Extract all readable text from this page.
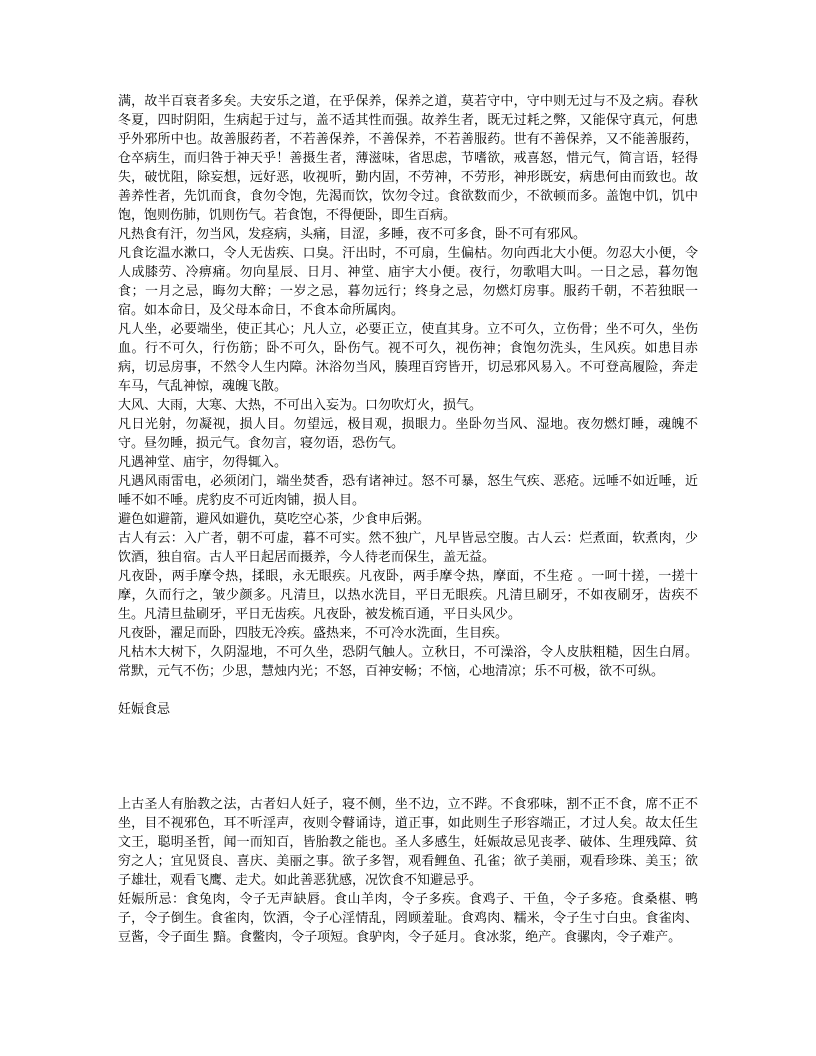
满，故半百衰者多矣。夫安乐之道，在乎保养，保养之道，莫若守中，守中则无过与不及之病。春秋冬夏，四时阴阳，生病起于过与，盖不适其性而强。故养生者，既无过耗之弊，又能保守真元，何患乎外邪所中也。故善服药者，不若善保养，不善保养，不若善服药。世有不善保养，又不能善服药，仓卒病生，而归咎于神天乎！善摄生者，薄滋味，省思虑，节嗜欲，戒喜怒，惜元气，简言语，轻得失，破忧阻，除妄想，远好恶，收视听，勤内固，不劳神，不劳形，神形既安，病患何由而致也。故善养性者，先饥而食，食勿令饱，先渴而饮，饮勿令过。食欲数而少，不欲顿而多。盖饱中饥，饥中饱，饱则伤肺，饥则伤气。若食饱，不得便卧，即生百病。

凡热食有汗，勿当风，发痉病，头痛，目涩，多睡，夜不可多食，卧不可有邪风。

凡食讫温水漱口，令人无齿疾、口臭。汗出时，不可扇，生偏枯。勿向西北大小便。勿忍大小便，令人成膝劳、冷痹痛。勿向星辰、日月、神堂、庙宇大小便。夜行，勿歌唱大叫。一日之忌，暮勿饱食；一月之忌，晦勿大醉；一岁之忌，暮勿远行；终身之忌，勿燃灯房事。服药千朝，不若独眠一宿。如本命日，及父母本命日，不食本命所属肉。

凡人坐，必要端坐，使正其心；凡人立，必要正立，使直其身。立不可久，立伤骨；坐不可久，坐伤血。行不可久，行伤筋；卧不可久，卧伤气。视不可久，视伤神；食饱勿洗头，生风疾。如患目赤病，切忌房事，不然令人生内障。沐浴勿当风，腠理百窍皆开，切忌邪风易入。不可登高履险，奔走车马，气乱神惊，魂魄飞散。

大风、大雨，大寒、大热，不可出入妄为。口勿吹灯火，损气。

凡日光射，勿凝视，损人目。勿望远，极目观，损眼力。坐卧勿当风、湿地。夜勿燃灯睡，魂魄不守。昼勿睡，损元气。食勿言，寝勿语，恐伤气。

凡遇神堂、庙宇，勿得辄入。

凡遇风雨雷电，必须闭门，端坐焚香，恐有诸神过。怒不可暴，怒生气疾、恶疮。远唾不如近唾，近唾不如不唾。虎豹皮不可近肉铺，损人目。

避色如避箭，避风如避仇，莫吃空心茶，少食申后粥。

古人有云：入广者，朝不可虚，暮不可实。然不独广，凡早皆忌空腹。古人云：烂煮面，软煮肉，少饮酒，独自宿。古人平日起居而摄养，今人待老而保生，盖无益。

凡夜卧，两手摩令热，揉眼，永无眼疾。凡夜卧，两手摩令热，摩面，不生疮 。一呵十搓，一搓十摩，久而行之，皱少颜多。凡清旦，以热水洗目，平日无眼疾。凡清旦刷牙，不如夜刷牙，齿疾不生。凡清旦盐刷牙，平日无齿疾。凡夜卧，被发梳百通，平日头风少。

凡夜卧，濯足而卧，四肢无冷疾。盛热来，不可冷水洗面，生目疾。

凡枯木大树下，久阴湿地，不可久坐，恐阴气触人。立秋日，不可澡浴，令人皮肤粗糙，因生白屑。常默，元气不伤；少思，慧烛内光；不怒，百神安畅；不恼，心地清凉；乐不可极，欲不可纵。

妊娠食忌

上古圣人有胎教之法，古者妇人妊子，寝不侧，坐不边，立不跸。不食邪味，割不正不食，席不正不坐，目不视邪色，耳不听淫声，夜则令瞽诵诗，道正事，如此则生子形容端正，才过人矣。故太任生文王，聪明圣哲，闻一而知百，皆胎教之能也。圣人多感生，妊娠故忌见丧孝、破体、生理残障、贫穷之人；宜见贤良、喜庆、美丽之事。欲子多智，观看鲤鱼、孔雀；欲子美丽，观看珍珠、美玉；欲子雄壮，观看飞鹰、走犬。如此善恶犹感，况饮食不知避忌乎。

妊娠所忌：食兔肉，令子无声缺唇。食山羊肉，令子多疾。食鸡子、干鱼，令子多疮。食桑椹、鸭子，令子倒生。食雀肉，饮酒，令子心淫情乱，罔顾羞耻。食鸡肉、糯米，令子生寸白虫。食雀肉、豆酱，令子面生 黯。食鳖肉，令子项短。食驴肉，令子延月。食冰浆，绝产。食骡肉，令子难产。
